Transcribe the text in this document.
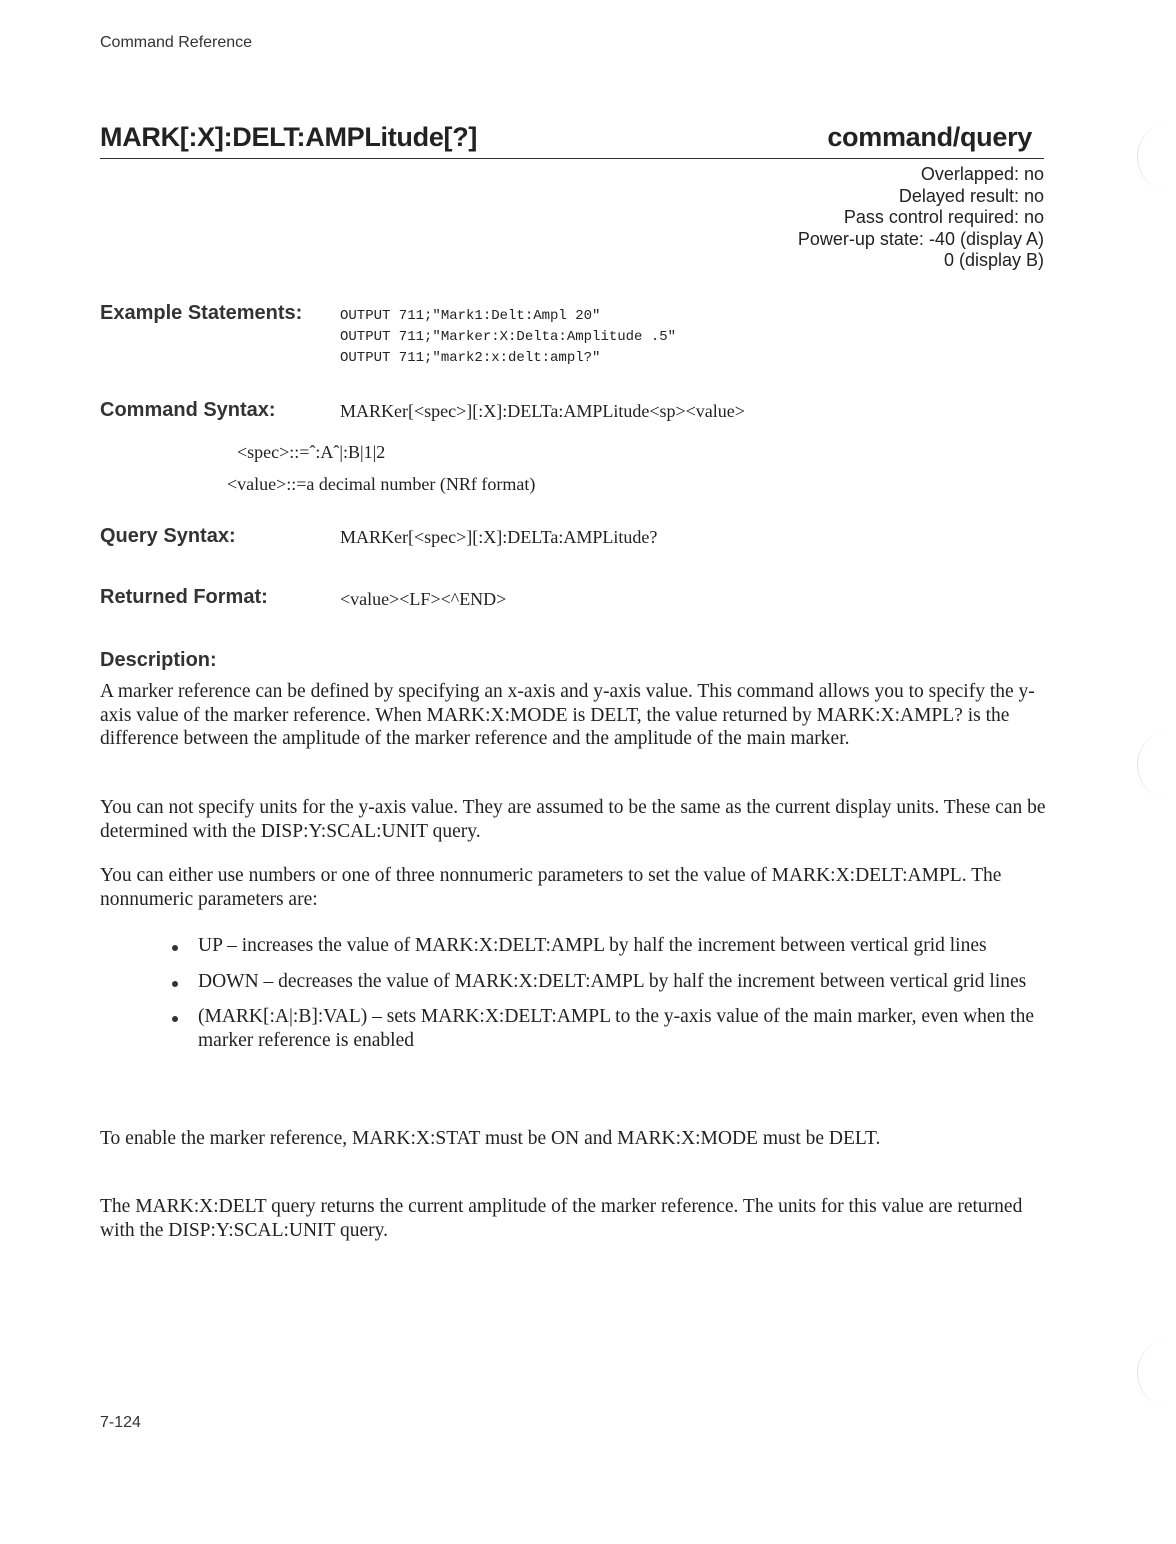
Command Reference
MARK[:X]:DELT:AMPLitude[?]	command/query
Overlapped: no
Delayed result: no
Pass control required: no
Power-up state: -40 (display A)
0 (display B)
Example Statements:	OUTPUT 711;"Mark1:Delt:Ampl 20"
OUTPUT 711;"Marker:X:Delta:Amplitude .5"
OUTPUT 711;"mark2:x:delt:ampl?"
Command Syntax:	MARKer[<spec>][:X]:DELTa:AMPLitude<sp><value>
<spec>::=ˆ:Aˆ|:B|1|2
<value>::=a decimal number (NRf format)
Query Syntax:	MARKer[<spec>][:X]:DELTa:AMPLitude?
Returned Format:	<value><LF><^END>
Description:
A marker reference can be defined by specifying an x-axis and y-axis value. This command allows you to specify the y-axis value of the marker reference. When MARK:X:MODE is DELT, the value returned by MARK:X:AMPL? is the difference between the amplitude of the marker reference and the amplitude of the main marker.
You can not specify units for the y-axis value. They are assumed to be the same as the current display units. These can be determined with the DISP:Y:SCAL:UNIT query.
You can either use numbers or one of three nonnumeric parameters to set the value of MARK:X:DELT:AMPL. The nonnumeric parameters are:
UP – increases the value of MARK:X:DELT:AMPL by half the increment between vertical grid lines
DOWN – decreases the value of MARK:X:DELT:AMPL by half the increment between vertical grid lines
(MARK[:A|:B]:VAL) – sets MARK:X:DELT:AMPL to the y-axis value of the main marker, even when the marker reference is enabled
To enable the marker reference, MARK:X:STAT must be ON and MARK:X:MODE must be DELT.
The MARK:X:DELT query returns the current amplitude of the marker reference. The units for this value are returned with the DISP:Y:SCAL:UNIT query.
7-124
